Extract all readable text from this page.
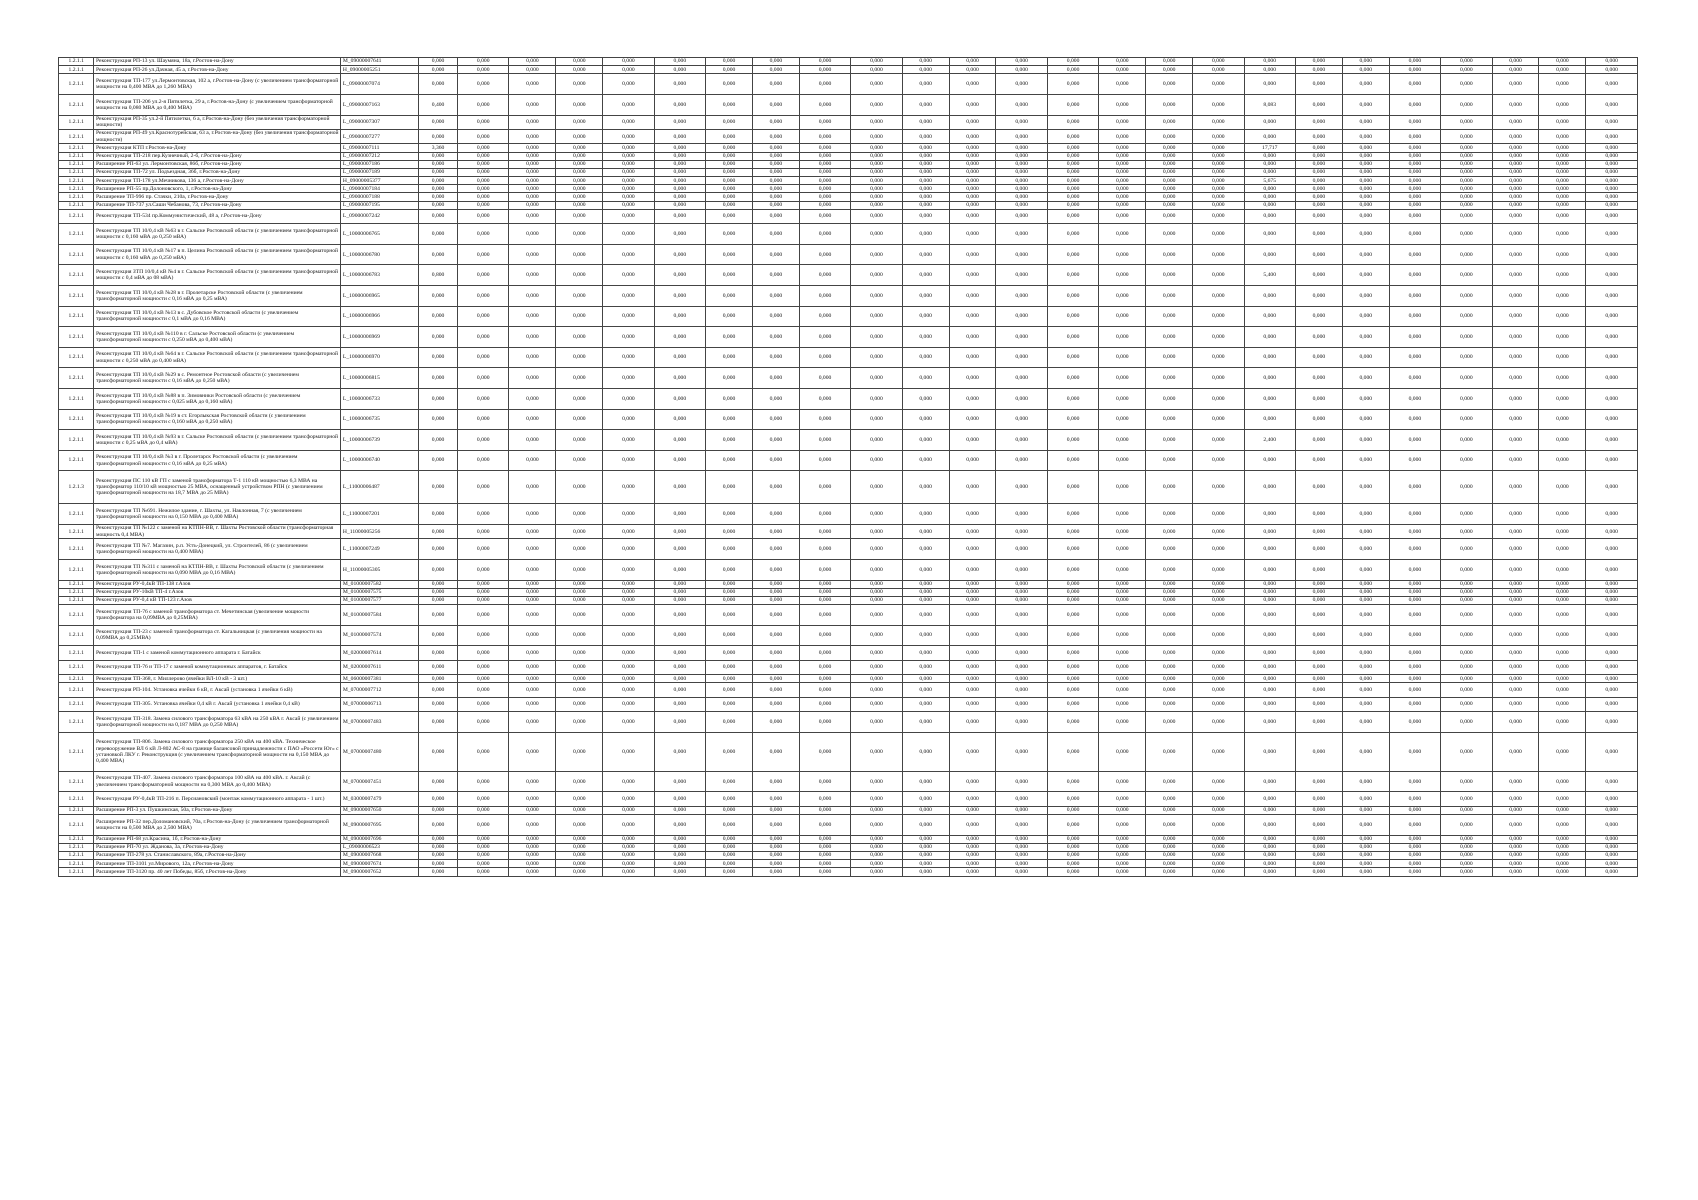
1.2.1.1	Реконструкция РП-13 ул. Шаумяна, 18а, г.Ростов-на-Дону	M_09000007641	0,000	0,000	0,000	0,000	0,000	0,000	0,000	0,000	0,000	0,000	0,000	0,000	0,000	0,000	0,000	0,000	0,000	0,000	0,000	0,000	0,000	0,000	0,000	0,000	0,000
1.2.1.1	Реконструкция РП-26 ул.Дачная, 45 а, г.Ростов-на-Дону	H_09000005251	0,000	0,000	0,000	0,000	0,000	0,000	0,000	0,000	0,000	0,000	0,000	0,000	0,000	0,000	0,000	0,000	0,000	0,000	0,000	0,000	0,000	0,000	0,000	0,000	0,000
1.2.1.1	Реконструкция ТП-177 ул.Лермонтовская, 102 а, г.Ростов-на-Дону (с увеличением трансформаторной мощности на 0,400 МВА до 1,260 МВА)	L_09000007074	0,000	0,000	0,000	0,000	0,000	0,000	0,000	0,000	0,000	0,000	0,000	0,000	0,000	0,000	0,000	0,000	0,000	0,000	0,000	0,000	0,000	0,000	0,000	0,000	0,000
1.2.1.1	Реконструкция ТП-206 ул.2-я Пятилетка, 29 а, г.Ростов-на-Дону (с увеличением трансформаторной мощности на 0,080 МВА до 0,400 МВА)	L_09000007163	0,400	0,000	0,000	0,000	0,000	0,000	0,000	0,000	0,000	0,000	0,000	0,000	0,000	0,000	0,000	0,000	0,000	8,083	0,000	0,000	0,000	0,000	0,000	0,000	0,000
1.2.1.1	Реконструкция РП-35 ул.2-й Пятилетки, 6 а, г.Ростов-на-Дону (без увеличения трансформаторной мощности)	L_09000007307	0,000	0,000	0,000	0,000	0,000	0,000	0,000	0,000	0,000	0,000	0,000	0,000	0,000	0,000	0,000	0,000	0,000	0,000	0,000	0,000	0,000	0,000	0,000	0,000	0,000
1.2.1.1	Реконструкция РП-49 ул.Краснотурейская, 63 а, г.Ростов-на-Дону (без увеличения трансформаторной мощности)	L_09000007277	0,000	0,000	0,000	0,000	0,000	0,000	0,000	0,000	0,000	0,000	0,000	0,000	0,000	0,000	0,000	0,000	0,000	0,000	0,000	0,000	0,000	0,000	0,000	0,000	0,000
1.2.1.1	Реконструкция КТП г.Ростов-на-Дону	L_09000007111	3,360	0,000	0,000	0,000	0,000	0,000	0,000	0,000	0,000	0,000	0,000	0,000	0,000	0,000	0,000	0,000	0,000	17,717	0,000	0,000	0,000	0,000	0,000	0,000	0,000
1.2.1.1	Реконструкция ТП-218 пер.Кузнечный, 2-б, г.Ростов-на-Дону	L_09000007212	0,000	0,000	0,000	0,000	0,000	0,000	0,000	0,000	0,000	0,000	0,000	0,000	0,000	0,000	0,000	0,000	0,000	0,000	0,000	0,000	0,000	0,000	0,000	0,000	0,000
1.2.1.1	Расширение РП-63 ул. Лермонтовская, 86б, г.Ростов-на-Дону	L_09000007186	0,000	0,000	0,000	0,000	0,000	0,000	0,000	0,000	0,000	0,000	0,000	0,000	0,000	0,000	0,000	0,000	0,000	0,000	0,000	0,000	0,000	0,000	0,000	0,000	0,000
1.2.1.1	Реконструкция ТП-72 ул. Подъездная, 36б, г.Ростов-на-Дону	L_09000007189	0,000	0,000	0,000	0,000	0,000	0,000	0,000	0,000	0,000	0,000	0,000	0,000	0,000	0,000	0,000	0,000	0,000	0,000	0,000	0,000	0,000	0,000	0,000	0,000	0,000
1.2.1.1	Реконструкция ТП-178 ул.Мечникова, 136 а, г.Ростов-на-Дону	H_09000005377	0,000	0,000	0,000	0,000	0,000	0,000	0,000	0,000	0,000	0,000	0,000	0,000	0,000	0,000	0,000	0,000	0,000	5,675	0,000	0,000	0,000	0,000	0,000	0,000	0,000
1.2.1.1	Расширение РП-55 пр.Долоновского, 1, г.Ростов-на-Дону	L_09000007184	0,000	0,000	0,000	0,000	0,000	0,000	0,000	0,000	0,000	0,000	0,000	0,000	0,000	0,000	0,000	0,000	0,000	0,000	0,000	0,000	0,000	0,000	0,000	0,000	0,000
1.2.1.1	Расширение ТП-996 пр. Стачки, 210а, г.Ростов-на-Дону	L_09000007188	0,000	0,000	0,000	0,000	0,000	0,000	0,000	0,000	0,000	0,000	0,000	0,000	0,000	0,000	0,000	0,000	0,000	0,000	0,000	0,000	0,000	0,000	0,000	0,000	0,000
1.2.1.1	Расширение ТП-737 ул.Саши Чебанова, 73, г.Ростов-на-Дону	L_09000007195	0,000	0,000	0,000	0,000	0,000	0,000	0,000	0,000	0,000	0,000	0,000	0,000	0,000	0,000	0,000	0,000	0,000	0,000	0,000	0,000	0,000	0,000	0,000	0,000	0,000
1.2.1.1	Реконструкция ТП-534 пр.Коммунистический, 48 а, г.Ростов-на-Дону	L_09000007242	0,000	0,000	0,000	0,000	0,000	0,000	0,000	0,000	0,000	0,000	0,000	0,000	0,000	0,000	0,000	0,000	0,000	0,000	0,000	0,000	0,000	0,000	0,000	0,000	0,000
1.2.1.1	Реконструкция ТП 10/0,4 кВ №63 в г. Сальске Ростовской области (с увеличением трансформаторной мощности с 0,160 мВА до 0,250 мВА)	L_10000006765	0,000	0,000	0,000	0,000	0,000	0,000	0,000	0,000	0,000	0,000	0,000	0,000	0,000	0,000	0,000	0,000	0,000	0,000	0,000	0,000	0,000	0,000	0,000	0,000	0,000
1.2.1.1	Реконструкция ТП 10/0,4 кВ №17 в п. Целина Ростовской области (с увеличением трансформаторной мощности с 0,160 мВА до 0,250 мВА)	L_10000006780	0,000	0,000	0,000	0,000	0,000	0,000	0,000	0,000	0,000	0,000	0,000	0,000	0,000	0,000	0,000	0,000	0,000	0,000	0,000	0,000	0,000	0,000	0,000	0,000	0,000
1.2.1.1	Реконструкция ЗТП 10/0,4 кВ №4 в г. Сальске Ростовской области (с увеличением трансформаторной мощности с 0,4 мВА до 08 мВА)	L_10000006783	0,800	0,000	0,000	0,000	0,000	0,000	0,000	0,000	0,000	0,000	0,000	0,000	0,000	0,000	0,000	0,000	0,000	5,400	0,000	0,000	0,000	0,000	0,000	0,000	0,000
1.2.1.1	Реконструкция ТП 10/0,4 кВ №28 в г. Пролетарске Ростовской области (с увеличением трансформаторной мощности с 0,16 мВА до 0,25 мВА)	L_10000006965	0,000	0,000	0,000	0,000	0,000	0,000	0,000	0,000	0,000	0,000	0,000	0,000	0,000	0,000	0,000	0,000	0,000	0,000	0,000	0,000	0,000	0,000	0,000	0,000	0,000
1.2.1.1	Реконструкция ТП 10/0,4 кВ №13 в с. Дубовское Ростовской области (с увеличением трансформаторной мощности с 0,1 мВА до 0,16 МВА)	L_10000006966	0,000	0,000	0,000	0,000	0,000	0,000	0,000	0,000	0,000	0,000	0,000	0,000	0,000	0,000	0,000	0,000	0,000	0,000	0,000	0,000	0,000	0,000	0,000	0,000	0,000
1.2.1.1	Реконструкция ТП 10/0,4 кВ №110 в г. Сальске Ростовской области (с увеличением трансформаторной мощности с 0,250 мВА до 0,400 мВА)	L_10000006969	0,000	0,000	0,000	0,000	0,000	0,000	0,000	0,000	0,000	0,000	0,000	0,000	0,000	0,000	0,000	0,000	0,000	0,000	0,000	0,000	0,000	0,000	0,000	0,000	0,000
1.2.1.1	Реконструкция ТП 10/0,4 кВ №64 в г. Сальске Ростовской области (с увеличением трансформаторной мощности с 0,250 мВА до 0,400 мВА)	L_10000006970	0,000	0,000	0,000	0,000	0,000	0,000	0,000	0,000	0,000	0,000	0,000	0,000	0,000	0,000	0,000	0,000	0,000	0,000	0,000	0,000	0,000	0,000	0,000	0,000	0,000
1.2.1.1	Реконструкция ТП 10/0,4 кВ №29 в с. Ремонтное Ростовской области (с увеличением трансформаторной мощности с 0,16 мВА до 0,250 мВА)	L_10000006815	0,000	0,000	0,000	0,000	0,000	0,000	0,000	0,000	0,000	0,000	0,000	0,000	0,000	0,000	0,000	0,000	0,000	0,000	0,000	0,000	0,000	0,000	0,000	0,000	0,000
1.2.1.1	Реконструкция ТП 10/0,4 кВ №88 в п. Зимовники Ростовской области (с увеличением трансформаторной мощности с 0,025 мВА до 0,160 мВА)	L_10000006733	0,000	0,000	0,000	0,000	0,000	0,000	0,000	0,000	0,000	0,000	0,000	0,000	0,000	0,000	0,000	0,000	0,000	0,000	0,000	0,000	0,000	0,000	0,000	0,000	0,000
1.2.1.1	Реконструкция ТП 10/0,4 кВ №19 в ст. Егорлыкская Ростовской области (с увеличением трансформаторной мощности с 0,160 мВА до 0,250 мВА)	L_10000006735	0,000	0,000	0,000	0,000	0,000	0,000	0,000	0,000	0,000	0,000	0,000	0,000	0,000	0,000	0,000	0,000	0,000	0,000	0,000	0,000	0,000	0,000	0,000	0,000	0,000
1.2.1.1	Реконструкция ТП 10/0,4 кВ №93 в г. Сальске Ростовской области (с увеличением трансформаторной мощности с 0,25 мВА до 0,4 мВА)	L_10000006739	0,000	0,000	0,000	0,000	0,000	0,000	0,000	0,000	0,000	0,000	0,000	0,000	0,000	0,000	0,000	0,000	0,000	2,400	0,000	0,000	0,000	0,000	0,000	0,000	0,000
1.2.1.1	Реконструкция ТП 10/0,4 кВ №3 в г. Пролетарск Ростовской области (с увеличением трансформаторной мощности с 0,16 мВА до 0,25 мВА)	L_10000006740	0,000	0,000	0,000	0,000	0,000	0,000	0,000	0,000	0,000	0,000	0,000	0,000	0,000	0,000	0,000	0,000	0,000	0,000	0,000	0,000	0,000	0,000	0,000	0,000	0,000
1.2.1.3	Реконструкция ПС 110 кВ ГП с заменой трансформатора Т-1 110 кВ мощностью 6,3 МВА на трансформатор 110/10 кВ мощностью 25 МВА, оснащенный устройством РПН (с увеличением трансформаторной мощности на 18,7 МВА до 25 МВА)	L_11000006487	0,000	0,000	0,000	0,000	0,000	0,000	0,000	0,000	0,000	0,000	0,000	0,000	0,000	0,000	0,000	0,000	0,000	0,000	0,000	0,000	0,000	0,000	0,000	0,000	0,000
1.2.1.1	Реконструкция ТП №691. Нежилое здание, г. Шахты, ул. Наклонная, 7 (с увеличением трансформаторной мощности на 0,150 МВА до 0,400 МВА)	L_11000007201	0,000	0,000	0,000	0,000	0,000	0,000	0,000	0,000	0,000	0,000	0,000	0,000	0,000	0,000	0,000	0,000	0,000	0,000	0,000	0,000	0,000	0,000	0,000	0,000	0,000
1.2.1.1	Реконструкция ТП №122 с заменой на КТПН-ВВ, г. Шахты Ростовской области (трансформаторная мощность 0,4 МВА)	H_11000005256	0,000	0,000	0,000	0,000	0,000	0,000	0,000	0,000	0,000	0,000	0,000	0,000	0,000	0,000	0,000	0,000	0,000	0,000	0,000	0,000	0,000	0,000	0,000	0,000	0,000
1.2.1.1	Реконструкция ТП №7. Магазин, р.п. Усть-Донецкий, ул. Строителей, 86 (с увеличением трансформаторной мощности на 0,400 МВА)	L_11000007249	0,000	0,000	0,000	0,000	0,000	0,000	0,000	0,000	0,000	0,000	0,000	0,000	0,000	0,000	0,000	0,000	0,000	0,000	0,000	0,000	0,000	0,000	0,000	0,000	0,000
1.2.1.1	Реконструкция ТП №311 с заменой на КТПН-ВВ, г. Шахты Ростовской области (с увеличением трансформаторной мощности на 0,090 МВА до 0,16 МВА)	H_11000005305	0,000	0,000	0,000	0,000	0,000	0,000	0,000	0,000	0,000	0,000	0,000	0,000	0,000	0,000	0,000	0,000	0,000	0,000	0,000	0,000	0,000	0,000	0,000	0,000	0,000
1.2.1.1	Реконструкция РУ-0,4кВ ТП-138 г.Азов	M_01000007582	0,000	0,000	0,000	0,000	0,000	0,000	0,000	0,000	0,000	0,000	0,000	0,000	0,000	0,000	0,000	0,000	0,000	0,000	0,000	0,000	0,000	0,000	0,000	0,000	0,000
1.2.1.1	Реконструкция РУ-10кВ ТП-4 г.Азов	M_01000007575	0,000	0,000	0,000	0,000	0,000	0,000	0,000	0,000	0,000	0,000	0,000	0,000	0,000	0,000	0,000	0,000	0,000	0,000	0,000	0,000	0,000	0,000	0,000	0,000	0,000
1.2.1.1	Реконструкция РУ-0,4 кВ ТП-123 г.Азов	M_01000007577	0,000	0,000	0,000	0,000	0,000	0,000	0,000	0,000	0,000	0,000	0,000	0,000	0,000	0,000	0,000	0,000	0,000	0,000	0,000	0,000	0,000	0,000	0,000	0,000	0,000
1.2.1.1	Реконструкция ТП-76 с заменой трансформатора ст. Мечетинская (увеличение мощности трансформатора на 0,09МВА до 0,25МВА)	M_01000007584	0,000	0,000	0,000	0,000	0,000	0,000	0,000	0,000	0,000	0,000	0,000	0,000	0,000	0,000	0,000	0,000	0,000	0,000	0,000	0,000	0,000	0,000	0,000	0,000	0,000
1.2.1.1	Реконструкция ТП-23 с заменой трансформатора ст. Кагальницкая (с увеличения мощности на 0,09МВА до 0,25МВА)	M_01000007574	0,000	0,000	0,000	0,000	0,000	0,000	0,000	0,000	0,000	0,000	0,000	0,000	0,000	0,000	0,000	0,000	0,000	0,000	0,000	0,000	0,000	0,000	0,000	0,000	0,000
1.2.1.1	Реконструкция ТП-1 с заменой коммутационного аппарата г. Батайск	M_02000007614	0,000	0,000	0,000	0,000	0,000	0,000	0,000	0,000	0,000	0,000	0,000	0,000	0,000	0,000	0,000	0,000	0,000	0,000	0,000	0,000	0,000	0,000	0,000	0,000	0,000
1.2.1.1	Реконструкция ТП-76 и ТП-17 с заменой коммутационных аппаратов, г. Батайск	M_02000007611	0,000	0,000	0,000	0,000	0,000	0,000	0,000	0,000	0,000	0,000	0,000	0,000	0,000	0,000	0,000	0,000	0,000	0,000	0,000	0,000	0,000	0,000	0,000	0,000	0,000
1.2.1.1	Реконструкция ТП-368, г. Миллерово (ячейки ВЛ-10 кВ - 3 шт.)	M_06000007381	0,000	0,000	0,000	0,000	0,000	0,000	0,000	0,000	0,000	0,000	0,000	0,000	0,000	0,000	0,000	0,000	0,000	0,000	0,000	0,000	0,000	0,000	0,000	0,000	0,000
1.2.1.1	Реконструкция РП-104. Установка ячейки 6 кВ, г. Аксай (установка 1 ячейки 6 кВ)	M_07000007712	0,000	0,000	0,000	0,000	0,000	0,000	0,000	0,000	0,000	0,000	0,000	0,000	0,000	0,000	0,000	0,000	0,000	0,000	0,000	0,000	0,000	0,000	0,000	0,000	0,000
1.2.1.1	Реконструкция ТП-305. Установка ячейки 0,4 кВ г. Аксай (установка 1 ячейки 0,4 кВ)	M_07000006713	0,000	0,000	0,000	0,000	0,000	0,000	0,000	0,000	0,000	0,000	0,000	0,000	0,000	0,000	0,000	0,000	0,000	0,000	0,000	0,000	0,000	0,000	0,000	0,000	0,000
1.2.1.1	Реконструкция ТП-318. Замена силового трансформатора 63 кВА на 250 кВА г. Аксай (с увеличением трансформаторной мощности на 0,187 МВА до 0,250 МВА)	M_07000007483	0,000	0,000	0,000	0,000	0,000	0,000	0,000	0,000	0,000	0,000	0,000	0,000	0,000	0,000	0,000	0,000	0,000	0,000	0,000	0,000	0,000	0,000	0,000	0,000	0,000
1.2.1.1	Реконструкция ТП-806. Замена силового трансформатора 250 кВА на 400 кВА. Техническое перевооружение ВЛ 6 кВ Л-802 АС-8 на границе балансовой принадлежности с ПАО «Россети Юг» с установкой ЛКУ г. Реконструкция (с увеличением трансформаторной мощности на 0,150 МВА до 0,400 МВА)	M_07000007480	0,000	0,000	0,000	0,000	0,000	0,000	0,000	0,000	0,000	0,000	0,000	0,000	0,000	0,000	0,000	0,000	0,000	0,000	0,000	0,000	0,000	0,000	0,000	0,000	0,000
1.2.1.1	Реконструкция ТП-407. Замена силового трансформатора 100 кВА на 400 кВА. г. Аксай (с увеличением трансформаторной мощности на 0,300 МВА до 0,400 МВА)	M_07000007451	0,000	0,000	0,000	0,000	0,000	0,000	0,000	0,000	0,000	0,000	0,000	0,000	0,000	0,000	0,000	0,000	0,000	0,000	0,000	0,000	0,000	0,000	0,000	0,000	0,000
1.2.1.1	Реконструкция РУ-0,4кВ ТП-216 п. Персиановский (монтаж коммутационного аппарата - 1 шт.)	M_03000007479	0,000	0,000	0,000	0,000	0,000	0,000	0,000	0,000	0,000	0,000	0,000	0,000	0,000	0,000	0,000	0,000	0,000	0,000	0,000	0,000	0,000	0,000	0,000	0,000	0,000
1.2.1.1	Расширение РП-3 ул. Пушкинская, 50а, г.Ростов-на-Дону	M_09000007650	0,000	0,000	0,000	0,000	0,000	0,000	0,000	0,000	0,000	0,000	0,000	0,000	0,000	0,000	0,000	0,000	0,000	0,000	0,000	0,000	0,000	0,000	0,000	0,000	0,000
1.2.1.1	Расширение РП-32 пер.Доломановский, 70а, г.Ростов-на-Дону (с увеличением трансформаторной мощности на 0,500 МВА до 2,500 МВА)	M_09000007695	0,000	0,000	0,000	0,000	0,000	0,000	0,000	0,000	0,000	0,000	0,000	0,000	0,000	0,000	0,000	0,000	0,000	0,000	0,000	0,000	0,000	0,000	0,000	0,000	0,000
1.2.1.1	Расширение РП-68 ул.Красина, 1б, г.Ростов-на-Дону	M_09000007696	0,000	0,000	0,000	0,000	0,000	0,000	0,000	0,000	0,000	0,000	0,000	0,000	0,000	0,000	0,000	0,000	0,000	0,000	0,000	0,000	0,000	0,000	0,000	0,000	0,000
1.2.1.1	Расширение РП-70 ул. Жданова, 3а, г.Ростов-на-Дону	L_09000006523	0,000	0,000	0,000	0,000	0,000	0,000	0,000	0,000	0,000	0,000	0,000	0,000	0,000	0,000	0,000	0,000	0,000	0,000	0,000	0,000	0,000	0,000	0,000	0,000	0,000
1.2.1.1	Расширение ТП-278 ул. Станиславского, 89а, г.Ростов-на-Дону	M_09000007668	0,000	0,000	0,000	0,000	0,000	0,000	0,000	0,000	0,000	0,000	0,000	0,000	0,000	0,000	0,000	0,000	0,000	0,000	0,000	0,000	0,000	0,000	0,000	0,000	0,000
1.2.1.1	Расширение ТП-3101 ул.Мирового, 12а, г.Ростов-на-Дону	M_09000007674	0,000	0,000	0,000	0,000	0,000	0,000	0,000	0,000	0,000	0,000	0,000	0,000	0,000	0,000	0,000	0,000	0,000	0,000	0,000	0,000	0,000	0,000	0,000	0,000	0,000
1.2.1.1	Расширение ТП-3120 пр. 40 лет Победы, 85б, г.Ростов-на-Дону	M_09000007652	0,000	0,000	0,000	0,000	0,000	0,000	0,000	0,000	0,000	0,000	0,000	0,000	0,000	0,000	0,000	0,000	0,000	0,000	0,000	0,000	0,000	0,000	0,000	0,000	0,000
